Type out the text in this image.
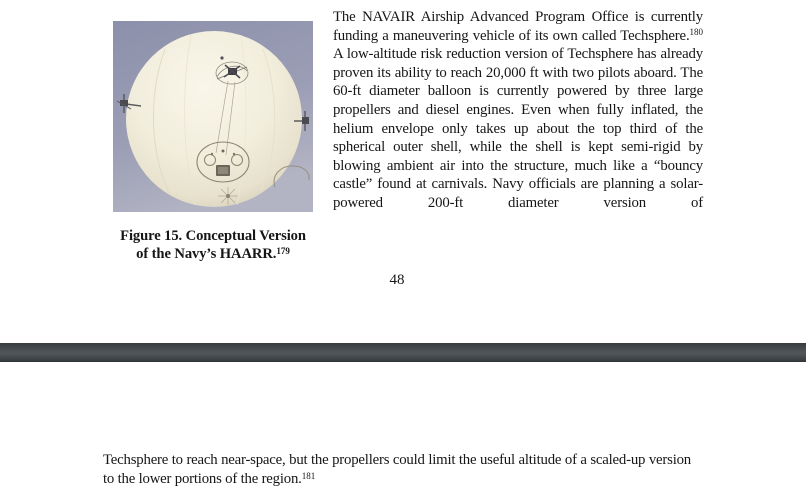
Figure 15. Conceptual Version
of the Navy’s HAARR.$^{179}$

The NAVAIR Airship Advanced Program Office is currently funding a maneuvering vehicle of its own called Techsphere.$^{180}$ A low-altitude risk reduction version of Techsphere has already proven its ability to reach 20,000 ft with two pilots aboard. The 60-ft diameter balloon is currently powered by three large propellers and diesel engines. Even when fully inflated, the helium envelope only takes up about the top third of the spherical outer shell, while the shell is kept semi-rigid by blowing ambient air into the structure, much like a “bouncy castle” found at carnivals. Navy officials are planning a solar-powered 200-ft diameter version of

48

Techsphere to reach near-space, but the propellers could limit the useful altitude of a scaled-up version to the lower portions of the region.$^{181}$
